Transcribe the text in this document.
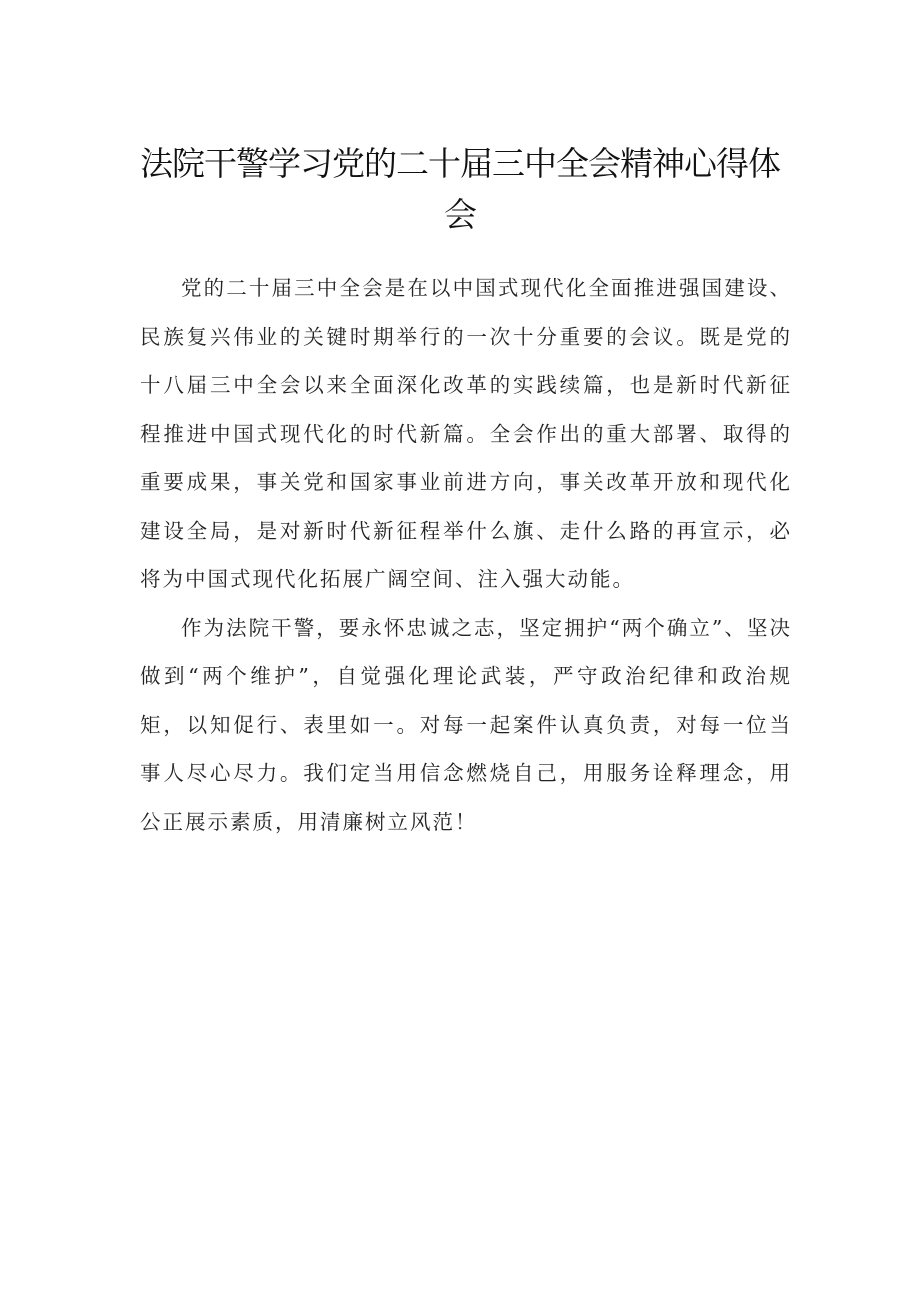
法院干警学习党的二十届三中全会精神心得体会

党的二十届三中全会是在以中国式现代化全面推进强国建设、民族复兴伟业的关键时期举行的一次十分重要的会议。既是党的十八届三中全会以来全面深化改革的实践续篇，也是新时代新征程推进中国式现代化的时代新篇。全会作出的重大部署、取得的重要成果，事关党和国家事业前进方向，事关改革开放和现代化建设全局，是对新时代新征程举什么旗、走什么路的再宣示，必将为中国式现代化拓展广阔空间、注入强大动能。

作为法院干警，要永怀忠诚之志，坚定拥护“两个确立”、坚决做到“两个维护”，自觉强化理论武装，严守政治纪律和政治规矩，以知促行、表里如一。对每一起案件认真负责，对每一位当事人尽心尽力。我们定当用信念燃烧自己，用服务诠释理念，用公正展示素质，用清廉树立风范！
